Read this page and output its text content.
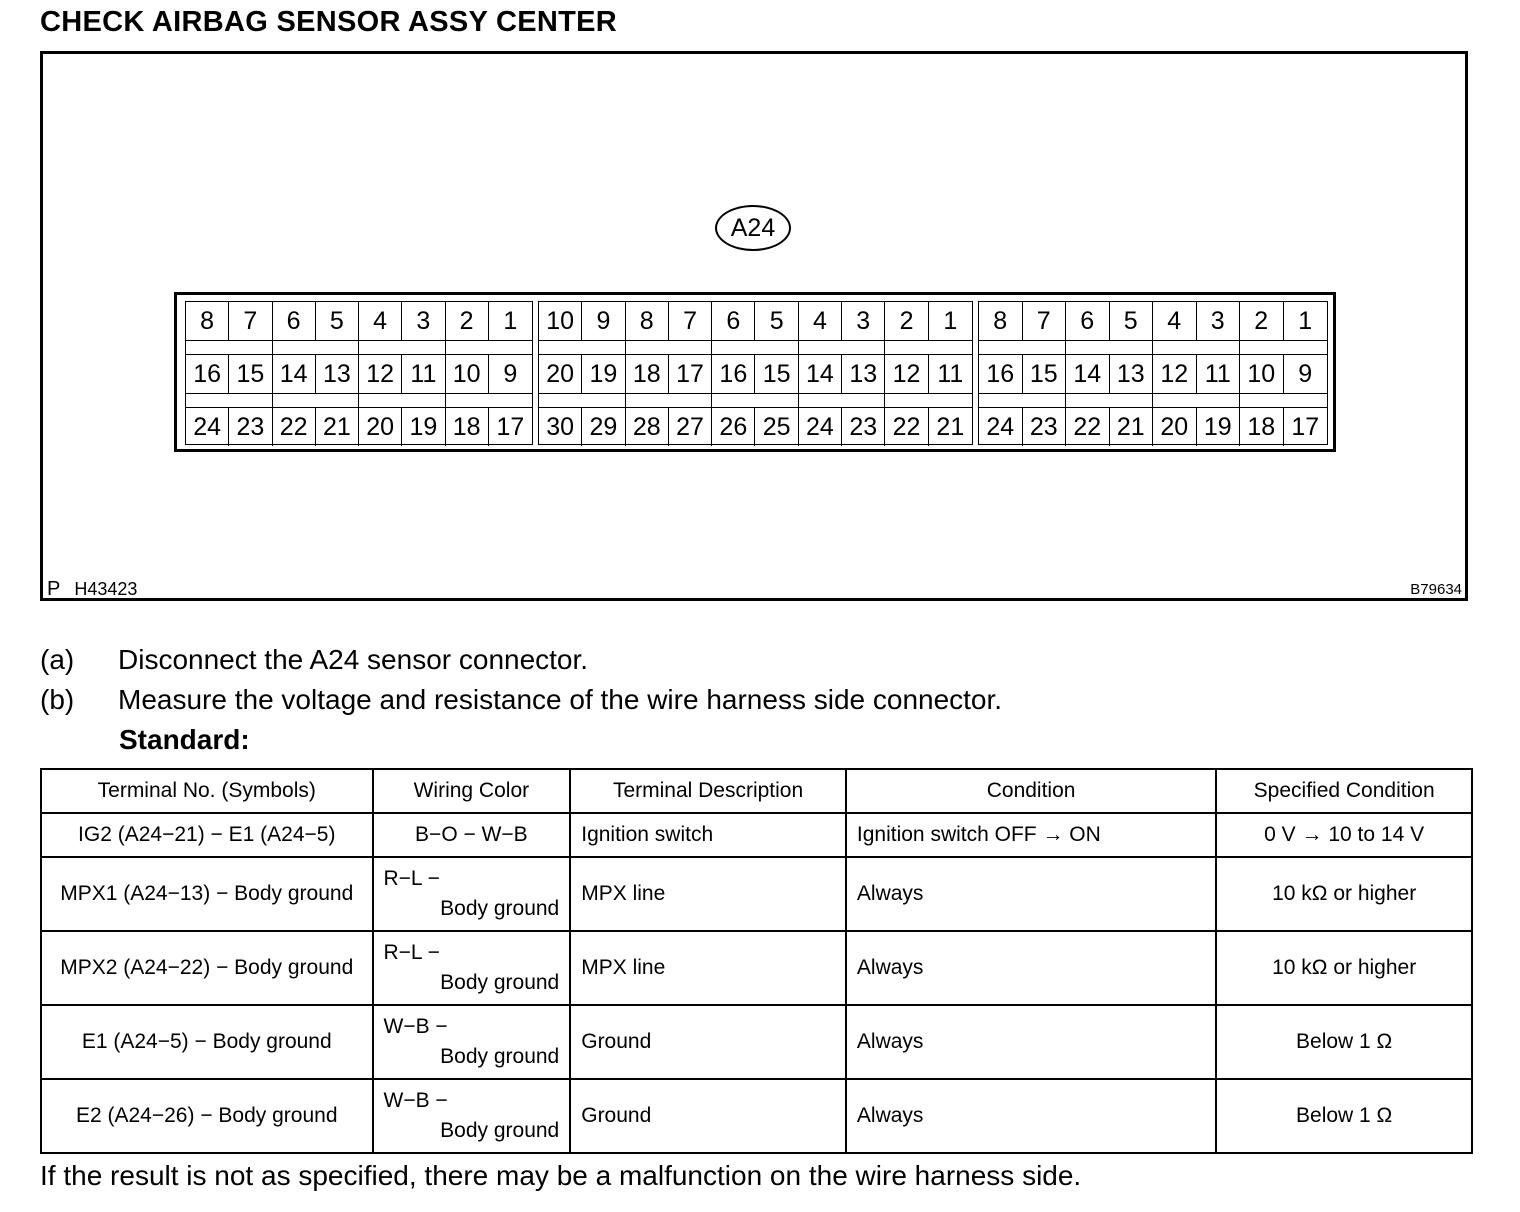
CHECK AIRBAG SENSOR ASSY CENTER
P H43423	B79634
A24
8	7	6	5	4	3	2	1
16 15 14 13 12 11 10 9
24 23 22 21 20 19 18 17
10 9	8	7	6	5	4	3	2	1
20 19 18 17 16 15 14 13 12 11
30 29 28 27 26 25 24 23 22 21
8	7	6	5	4	3	2	1
16 15 14 13 12 11 10 9
24 23 22 21 20 19 18 17
(a)	Disconnect the A24 sensor connector.
(b)	Measure the voltage and resistance of the wire harness side connector.
Standard:
Terminal No. (Symbols)	Wiring Color	Terminal Description	Condition	Specified Condition
IG2 (A24−21) − E1 (A24−5)	B−O − W−B	Ignition switch	Ignition switch OFF → ON	0 V → 10 to 14 V
MPX1 (A24−13) − Body ground	R−L −
Body ground	MPX line	Always	10 kΩ or higher
MPX2 (A24−22) − Body ground	R−L −
Body ground	MPX line	Always	10 kΩ or higher
E1 (A24−5) − Body ground	W−B −
Body ground	Ground	Always	Below 1 Ω
E2 (A24−26) − Body ground	W−B −
Body ground	Ground	Always	Below 1 Ω
If the result is not as specified, there may be a malfunction on the wire harness side.
